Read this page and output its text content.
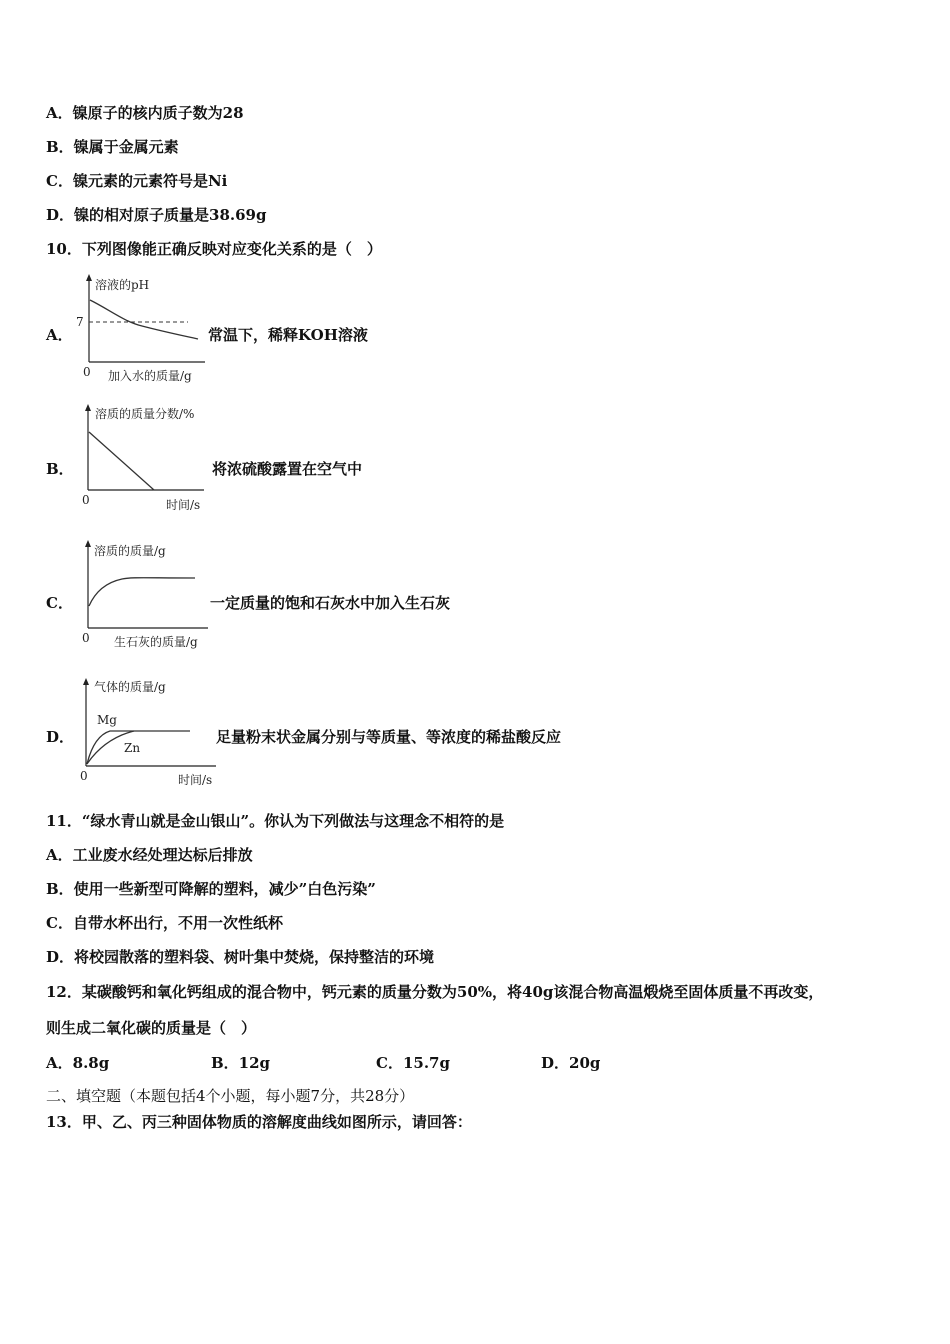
A．镍原子的核内质子数为28
B．镍属于金属元素
C．镍元素的元素符号是Ni
D．镍的相对原子质量是38.69g
10．下列图像能正确反映对应变化关系的是（　）
A．
溶液的pH
7
0 加入水的质量/g
常温下，稀释KOH溶液
B．
溶质的质量分数/%
0	时间/s
将浓硫酸露置在空气中
C．
溶质的质量/g
0 生石灰的质量/g
一定质量的饱和石灰水中加入生石灰
D．
气体的质量/g
Mg
Zn
0	时间/s
足量粉末状金属分别与等质量、等浓度的稀盐酸反应
11．“绿水青山就是金山银山”。你认为下列做法与这理念不相符的是
A．工业废水经处理达标后排放
B．使用一些新型可降解的塑料，减少”白色污染”
C．自带水杯出行，不用一次性纸杯
D．将校园散落的塑料袋、树叶集中焚烧，保持整洁的环境
12．某碳酸钙和氧化钙组成的混合物中，钙元素的质量分数为50%，将40g该混合物高温煅烧至固体质量不再改变，
则生成二氧化碳的质量是（　）
A．8.8g	B．12g	C．15.7g	D．20g
二、填空题（本题包括4个小题，每小题7分，共28分）
13．甲、乙、丙三种固体物质的溶解度曲线如图所示，请回答：
